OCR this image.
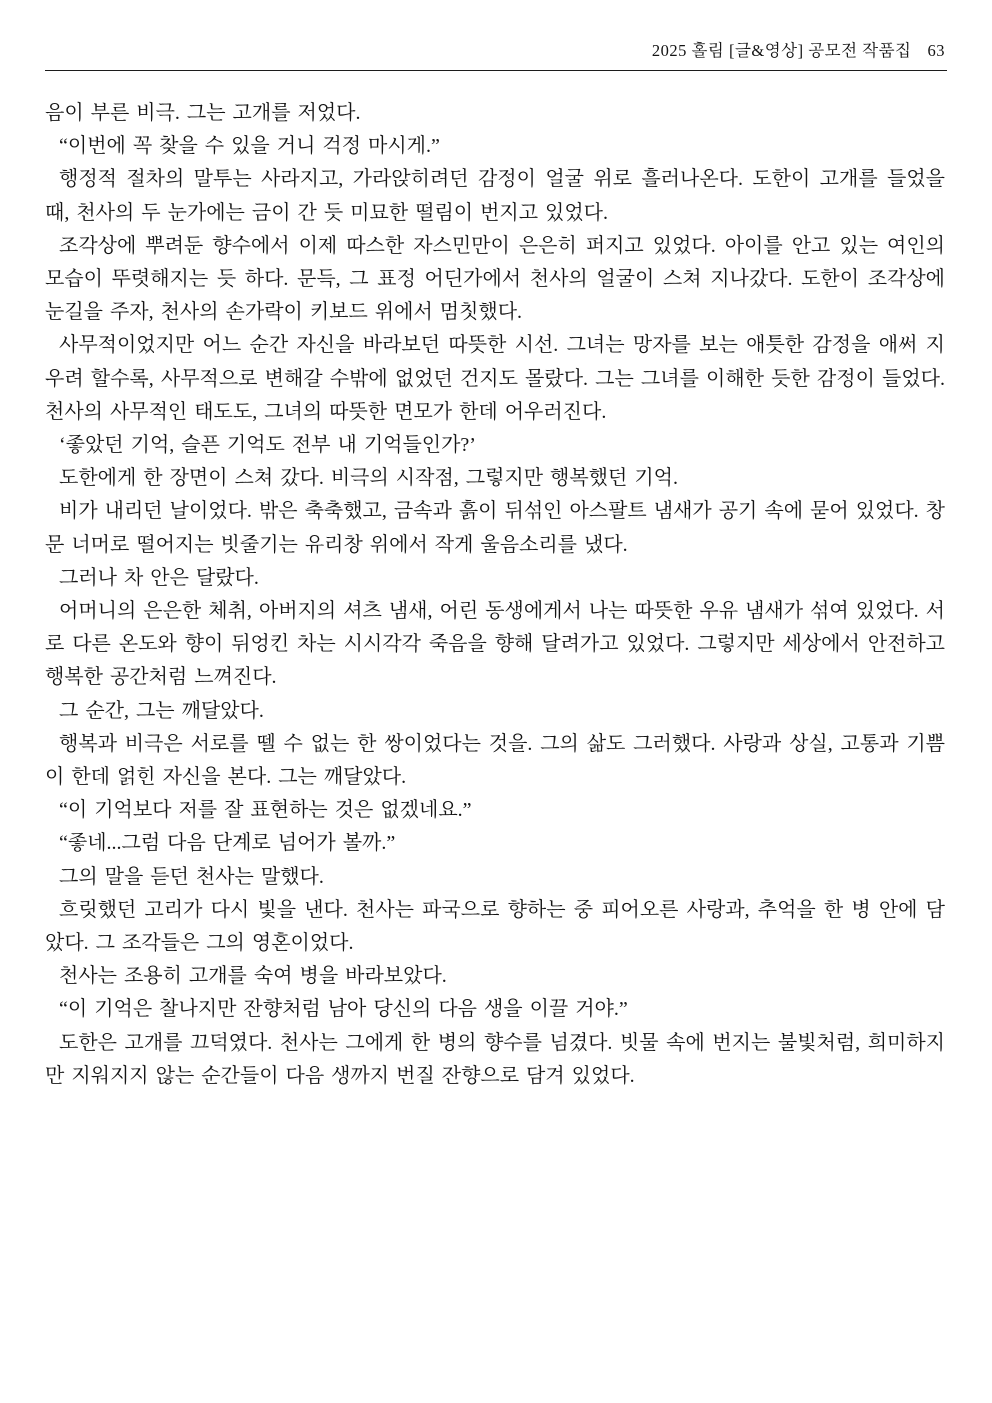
2025 홀림 [글&영상] 공모전 작품집 63

음이 부른 비극. 그는 고개를 저었다.

“이번에 꼭 찾을 수 있을 거니 걱정 마시게.”

행정적 절차의 말투는 사라지고, 가라앉히려던 감정이 얼굴 위로 흘러나온다. 도한이 고개를 들었을 때, 천사의 두 눈가에는 금이 간 듯 미묘한 떨림이 번지고 있었다.

조각상에 뿌려둔 향수에서 이제 따스한 자스민만이 은은히 퍼지고 있었다. 아이를 안고 있는 여인의 모습이 뚜렷해지는 듯 하다. 문득, 그 표정 어딘가에서 천사의 얼굴이 스쳐 지나갔다. 도한이 조각상에 눈길을 주자, 천사의 손가락이 키보드 위에서 멈칫했다.

사무적이었지만 어느 순간 자신을 바라보던 따뜻한 시선. 그녀는 망자를 보는 애틋한 감정을 애써 지우려 할수록, 사무적으로 변해갈 수밖에 없었던 건지도 몰랐다. 그는 그녀를 이해한 듯한 감정이 들었다. 천사의 사무적인 태도도, 그녀의 따뜻한 면모가 한데 어우러진다.

‘좋았던 기억, 슬픈 기억도 전부 내 기억들인가?’

도한에게 한 장면이 스쳐 갔다. 비극의 시작점, 그렇지만 행복했던 기억.

비가 내리던 날이었다. 밖은 축축했고, 금속과 흙이 뒤섞인 아스팔트 냄새가 공기 속에 묻어 있었다. 창문 너머로 떨어지는 빗줄기는 유리창 위에서 작게 울음소리를 냈다.

그러나 차 안은 달랐다.

어머니의 은은한 체취, 아버지의 셔츠 냄새, 어린 동생에게서 나는 따뜻한 우유 냄새가 섞여 있었다. 서로 다른 온도와 향이 뒤엉킨 차는 시시각각 죽음을 향해 달려가고 있었다. 그렇지만 세상에서 안전하고 행복한 공간처럼 느껴진다.

그 순간, 그는 깨달았다.

행복과 비극은 서로를 뗄 수 없는 한 쌍이었다는 것을. 그의 삶도 그러했다. 사랑과 상실, 고통과 기쁨이 한데 얽힌 자신을 본다. 그는 깨달았다.

“이 기억보다 저를 잘 표현하는 것은 없겠네요.”

“좋네...그럼 다음 단계로 넘어가 볼까.”

그의 말을 듣던 천사는 말했다.

흐릿했던 고리가 다시 빛을 낸다. 천사는 파국으로 향하는 중 피어오른 사랑과, 추억을 한 병 안에 담았다. 그 조각들은 그의 영혼이었다.

천사는 조용히 고개를 숙여 병을 바라보았다.

“이 기억은 찰나지만 잔향처럼 남아 당신의 다음 생을 이끌 거야.”

도한은 고개를 끄덕였다. 천사는 그에게 한 병의 향수를 넘겼다. 빗물 속에 번지는 불빛처럼, 희미하지만 지워지지 않는 순간들이 다음 생까지 번질 잔향으로 담겨 있었다.
